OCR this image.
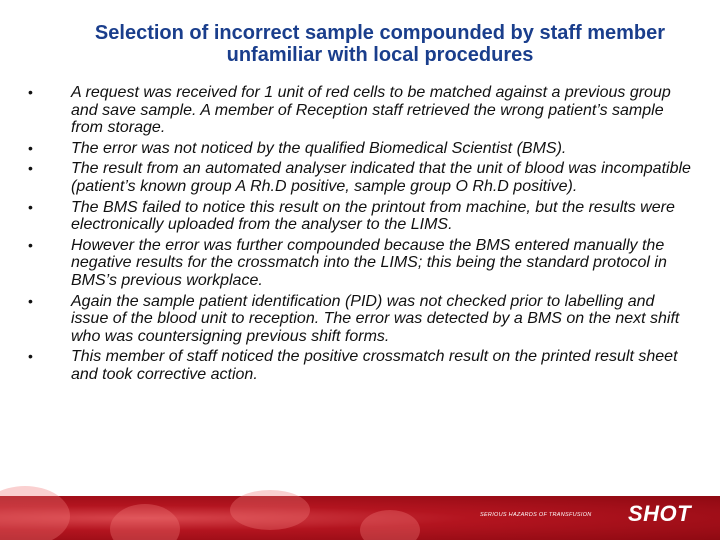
Selection of incorrect sample compounded by staff member unfamiliar with local procedures
• A request was received for 1 unit of red cells to be matched against a previous group and save sample. A member of Reception staff retrieved the wrong patient’s sample from storage.
• The error was not noticed by the qualified Biomedical Scientist (BMS).
• The result from an automated analyser indicated that the unit of blood was incompatible (patient’s known group A Rh.D positive, sample group O Rh.D positive).
• The BMS failed to notice this result on the printout from machine, but the results were electronically uploaded from the analyser to the LIMS.
• However the error was further compounded because the BMS entered manually the negative results for the crossmatch into the LIMS; this being the standard protocol in BMS’s previous workplace.
• Again the sample patient identification (PID) was not checked prior to labelling and issue of the blood unit to reception. The error was detected by a BMS on the next shift who was countersigning previous shift forms.
• This member of staff noticed the positive crossmatch result on the printed result sheet and took corrective action.
SERIOUS HAZARDS OF TRANSFUSION SHOT
